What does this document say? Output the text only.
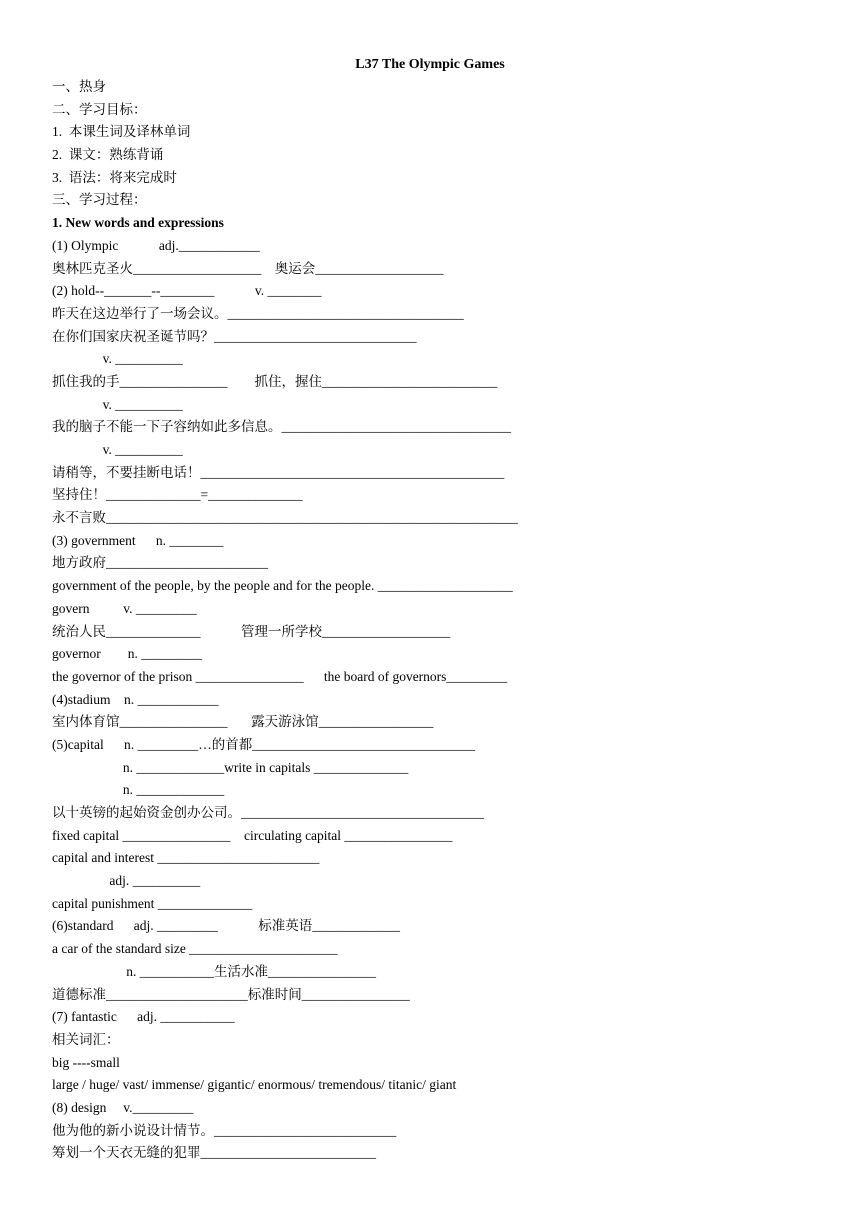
L37 The Olympic Games
一、热身
二、学习目标：
1.  本课生词及译林单词
2.  课文：熟练背诵
3.  语法：将来完成时
三、学习过程：
1. New words and expressions
(1) Olympic            adj.____________
奥林匹克圣火___________________    奥运会___________________
(2) hold--_______--________            v. ________
昨天在这边举行了一场会议。___________________________________
在你们国家庆祝圣诞节吗？______________________________
v. __________
抓住我的手________________        抓住，握住__________________________
v. __________
我的脑子不能一下子容纳如此多信息。__________________________________
v. __________
请稍等，不要挂断电话！_____________________________________________
坚持住！______________=______________
永不言败_____________________________________________________________
(3) government      n. ________
地方政府________________________
government of the people, by the people and for the people. ____________________
govern          v. _________
统治人民______________            管理一所学校___________________
governor        n. _________
the governor of the prison ________________      the board of governors_________
(4)stadium    n. ____________
室内体育馆________________       露天游泳馆_________________
(5)capital      n. _________…的首都_________________________________
n. _____________write in capitals ______________
n. _____________
以十英镑的起始资金创办公司。____________________________________
fixed capital ________________    circulating capital ________________
capital and interest ________________________
adj. __________
capital punishment ______________
(6)standard      adj. _________            标准英语_____________
a car of the standard size ______________________
n. ___________生活水准________________
道德标准_____________________标准时间________________
(7) fantastic      adj. ___________
相关词汇：
big ----small
large / huge/ vast/ immense/ gigantic/ enormous/ tremendous/ titanic/ giant
(8) design     v._________
他为他的新小说设计情节。___________________________
筹划一个天衣无缝的犯罪__________________________
